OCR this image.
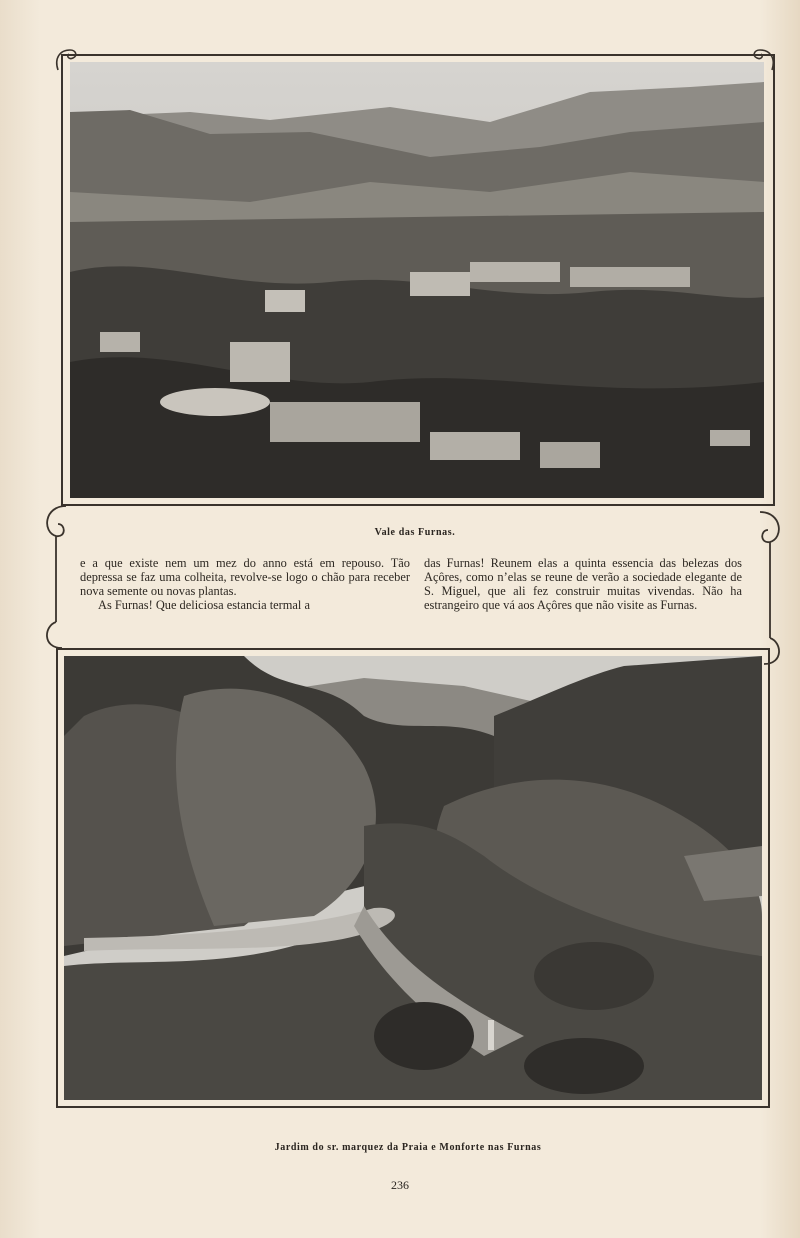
Vale das Furnas.

e a que existe nem um mez do anno está em repouso. Tão depressa se faz uma colheita, revolve-se logo o chão para receber nova semente ou novas plantas.

As Furnas! Que deliciosa estancia termal a

das Furnas! Reunem elas a quinta essencia das belezas dos Açôres, como n’elas se reune de verão a sociedade elegante de S. Miguel, que ali fez construir muitas vivendas. Não ha estrangeiro que vá aos Açôres que não visite as Furnas.

Jardim do sr. marquez da Praia e Monforte nas Furnas
236
